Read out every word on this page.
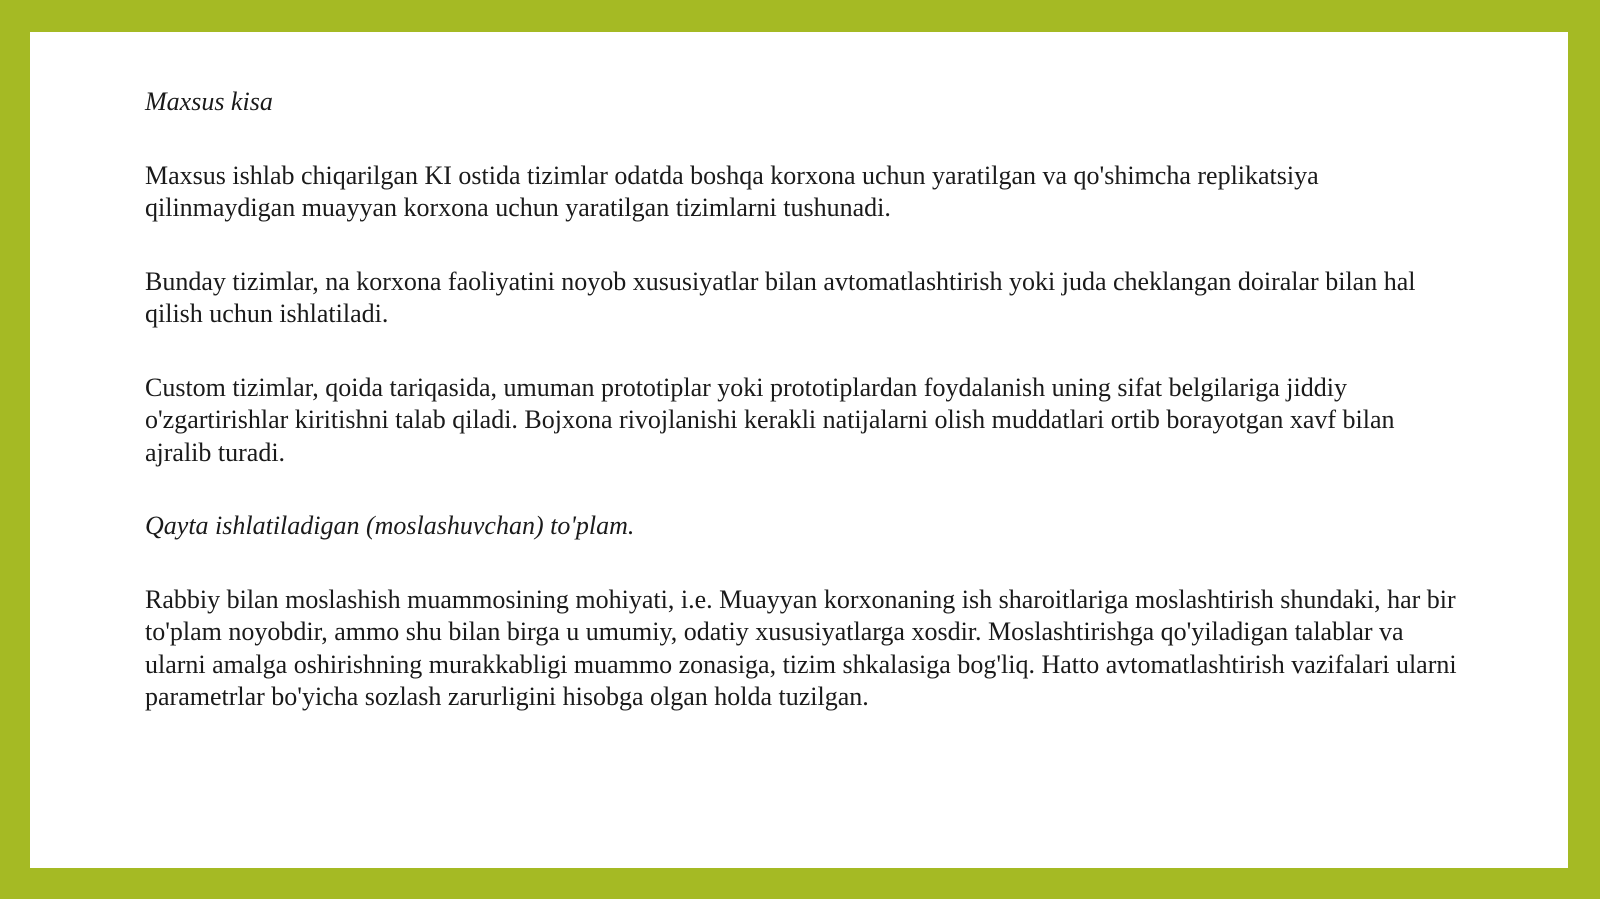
Maxsus kisa

Maxsus ishlab chiqarilgan KI ostida tizimlar odatda boshqa korxona uchun yaratilgan va qo'shimcha replikatsiya qilinmaydigan muayyan korxona uchun yaratilgan tizimlarni tushunadi.

Bunday tizimlar, na korxona faoliyatini noyob xususiyatlar bilan avtomatlashtirish yoki juda cheklangan doiralar bilan hal qilish uchun ishlatiladi.

Custom tizimlar, qoida tariqasida, umuman prototiplar yoki prototiplardan foydalanish uning sifat belgilariga jiddiy o'zgartirishlar kiritishni talab qiladi. Bojxona rivojlanishi kerakli natijalarni olish muddatlari ortib borayotgan xavf bilan ajralib turadi.

Qayta ishlatiladigan (moslashuvchan) to'plam.

Rabbiy bilan moslashish muammosining mohiyati, i.e. Muayyan korxonaning ish sharoitlariga moslashtirish shundaki, har bir to'plam noyobdir, ammo shu bilan birga u umumiy, odatiy xususiyatlarga xosdir. Moslashtirishga qo'yiladigan talablar va ularni amalga oshirishning murakkabligi muammo zonasiga, tizim shkalasiga bog'liq. Hatto avtomatlashtirish vazifalari ularni parametrlar bo'yicha sozlash zarurligini hisobga olgan holda tuzilgan.
